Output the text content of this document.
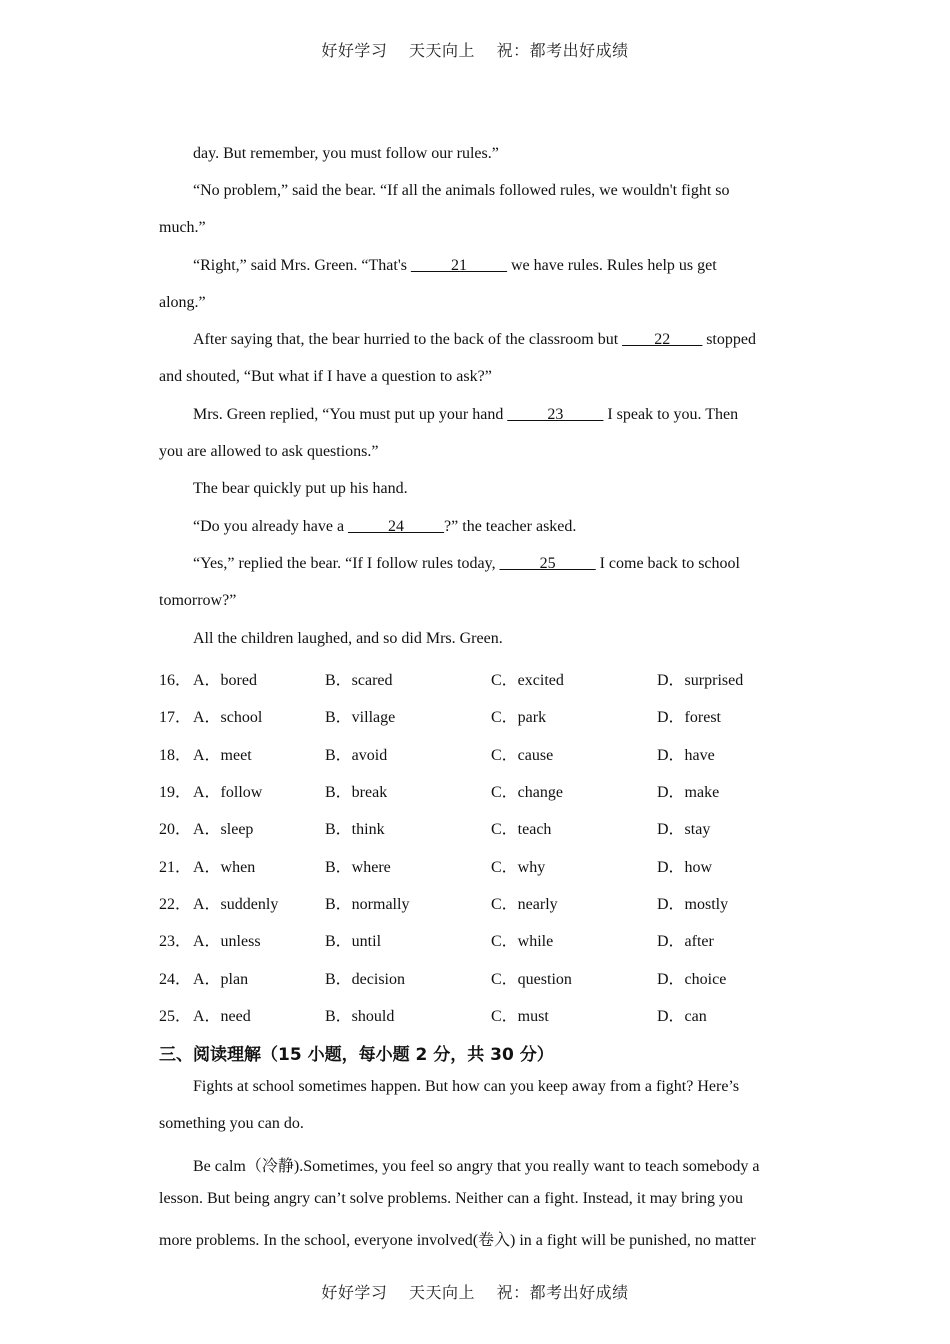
好好学习 天天向上 祝：都考出好成绩
day. But remember, you must follow our rules.”
“No problem,” said the bear. “If all the animals followed rules, we wouldn't fight so
much.”
“Right,” said Mrs. Green. “That's _____21_____ we have rules. Rules help us get
along.”
After saying that, the bear hurried to the back of the classroom but ____22____ stopped
and shouted, “But what if I have a question to ask?”
Mrs. Green replied, “You must put up your hand _____23_____ I speak to you. Then
you are allowed to ask questions.”
The bear quickly put up his hand.
“Do you already have a _____24_____?” the teacher asked.
“Yes,” replied the bear. “If I follow rules today, _____25_____ I come back to school
tomorrow?”
All the children laughed, and so did Mrs. Green.
16． A．bored	B．scared	C．excited	D．surprised
17． A．school	B．village	C．park	D．forest
18． A．meet	B．avoid	C．cause	D．have
19． A．follow	B．break	C．change	D．make
20． A．sleep	B．think	C．teach	D．stay
21． A．when	B．where	C．why	D．how
22． A．suddenly	B．normally	C．nearly	D．mostly
23． A．unless	B．until	C．while	D．after
24． A．plan	B．decision	C．question	D．choice
25． A．need	B．should	C．must	D．can
三、阅读理解（15 小题，每小题 2 分，共 30 分）
Fights at school sometimes happen. But how can you keep away from a fight? Here’s
something you can do.
Be calm（冷静).Sometimes, you feel so angry that you really want to teach somebody a
lesson. But being angry can’t solve problems. Neither can a fight. Instead, it may bring you
more problems. In the school, everyone involved(卷入) in a fight will be punished, no matter
好好学习 天天向上 祝：都考出好成绩
